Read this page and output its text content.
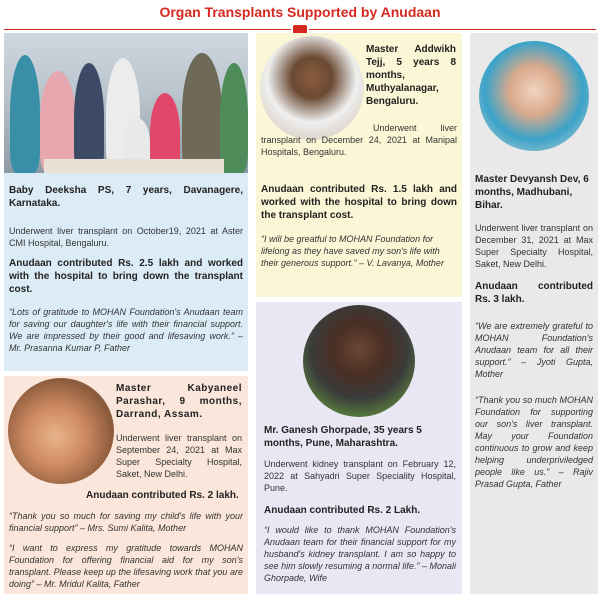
Organ Transplants Supported by Anudaan

Baby Deeksha PS, 7 years, Davanagere, Karnataka.

Underwent liver transplant on October19, 2021 at Aster CMI Hospital, Bengaluru.

Anudaan contributed Rs. 2.5 lakh and worked with the hospital to bring down the transplant cost.

“Lots of gratitude to MOHAN Foundation's Anudaan team for saving our daughter's life with their financial support. We are impressed by their good and lifesaving work.” – Mr. Prasanna Kumar P, Father

Master Kabyaneel Parashar, 9 months, Darrand, Assam.

Underwent liver transplant on September 24, 2021 at Max Super Specialty Hospital, Saket, New Delhi.

Anudaan contributed Rs. 2 lakh.

“Thank you so much for saving my child's life with your financial support” – Mrs. Sumi Kalita, Mother

“I want to express my gratitude towards MOHAN Foundation for offering financial aid for my son's transplant. Please keep up the lifesaving work that you are doing” – Mr. Mridul Kalita, Father

Master Addwikh Tejj, 5 years 8 months, Muthyalanagar, Bengaluru.

Underwent liver transplant on December 24, 2021 at Manipal Hospitals, Bengaluru.

Anudaan contributed Rs. 1.5 lakh and worked with the hospital to bring down the transplant cost.

“I will be greatful to MOHAN Foundation for lifelong as they have saved my son's life with their generous support.” – V. Lavanya, Mother

Mr. Ganesh Ghorpade, 35 years 5 months, Pune, Maharashtra.

Underwent kidney transplant on February 12, 2022 at Sahyadri Super Speciality Hospital, Pune.

Anudaan contributed Rs. 2 Lakh.

“I would like to thank MOHAN Foundation's Anudaan team for their financial support for my husband's kidney transplant. I am so happy to see him slowly resuming a normal life.” – Monali Ghorpade, Wife

Master Devyansh Dev, 6 months, Madhubani, Bihar.

Underwent liver transplant on December 31, 2021 at Max Super Specialty Hospital, Saket, New Delhi.

Anudaan contributed Rs. 3 lakh.

“We are extremely grateful to MOHAN Foundation's Anudaan team for all their support.” – Jyoti Gupta, Mother

“Thank you so much MOHAN Foundation for supporting our son's liver transplant. May your Foundation continuous to grow and keep helping underpriviledged people like us.” – Rajiv Prasad Gupta, Father
